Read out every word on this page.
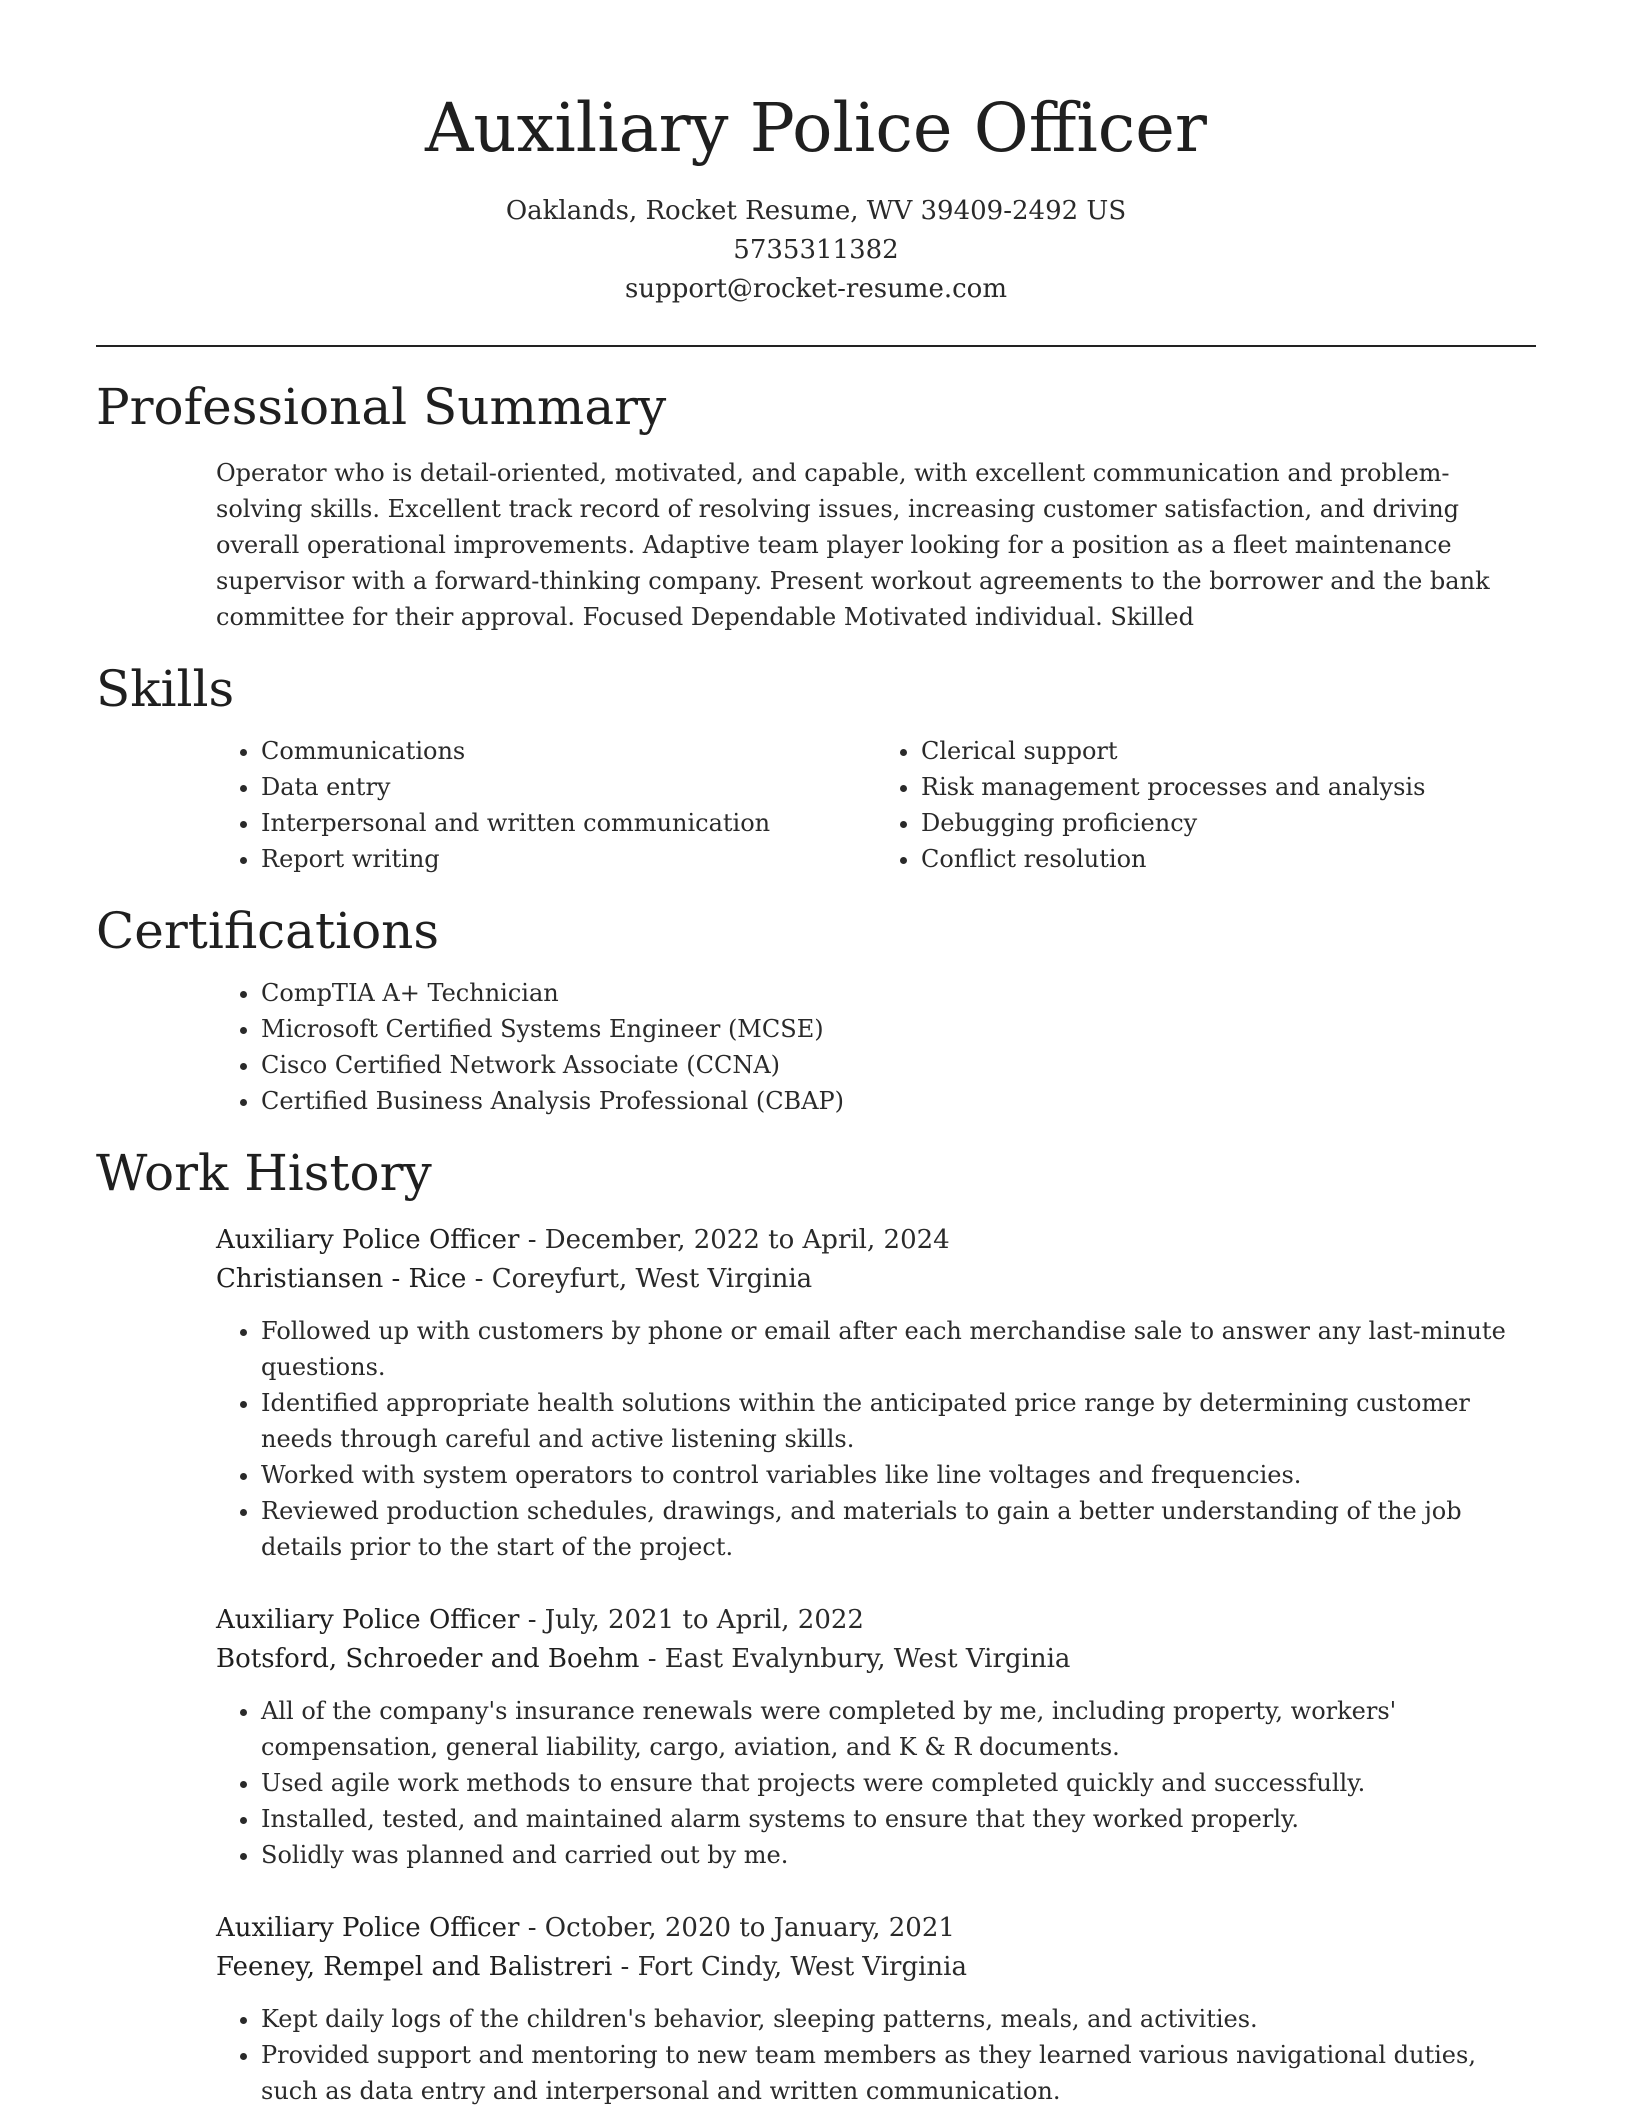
Auxiliary Police Officer
Oaklands, Rocket Resume, WV 39409-2492 US
5735311382
support@rocket-resume.com
Professional Summary

Operator who is detail-oriented, motivated, and capable, with excellent communication and problem-solving skills. Excellent track record of resolving issues, increasing customer satisfaction, and driving overall operational improvements. Adaptive team player looking for a position as a fleet maintenance supervisor with a forward-thinking company. Present workout agreements to the borrower and the bank committee for their approval. Focused Dependable Motivated individual. Skilled

Skills
• Communications
• Data entry
• Interpersonal and written communication
• Report writing
• Clerical support
• Risk management processes and analysis
• Debugging proficiency
• Conflict resolution
Certifications
• CompTIA A+ Technician
• Microsoft Certified Systems Engineer (MCSE)
• Cisco Certified Network Associate (CCNA)
• Certified Business Analysis Professional (CBAP)
Work History
Auxiliary Police Officer - December, 2022 to April, 2024
Christiansen - Rice - Coreyfurt, West Virginia
• Followed up with customers by phone or email after each merchandise sale to answer any last-minute questions.
• Identified appropriate health solutions within the anticipated price range by determining customer needs through careful and active listening skills.
• Worked with system operators to control variables like line voltages and frequencies.
• Reviewed production schedules, drawings, and materials to gain a better understanding of the job details prior to the start of the project.
Auxiliary Police Officer - July, 2021 to April, 2022
Botsford, Schroeder and Boehm - East Evalynbury, West Virginia
• All of the company's insurance renewals were completed by me, including property, workers' compensation, general liability, cargo, aviation, and K & R documents.
• Used agile work methods to ensure that projects were completed quickly and successfully.
• Installed, tested, and maintained alarm systems to ensure that they worked properly.
• Solidly was planned and carried out by me.
Auxiliary Police Officer - October, 2020 to January, 2021
Feeney, Rempel and Balistreri - Fort Cindy, West Virginia
• Kept daily logs of the children's behavior, sleeping patterns, meals, and activities.
• Provided support and mentoring to new team members as they learned various navigational duties, such as data entry and interpersonal and written communication.
